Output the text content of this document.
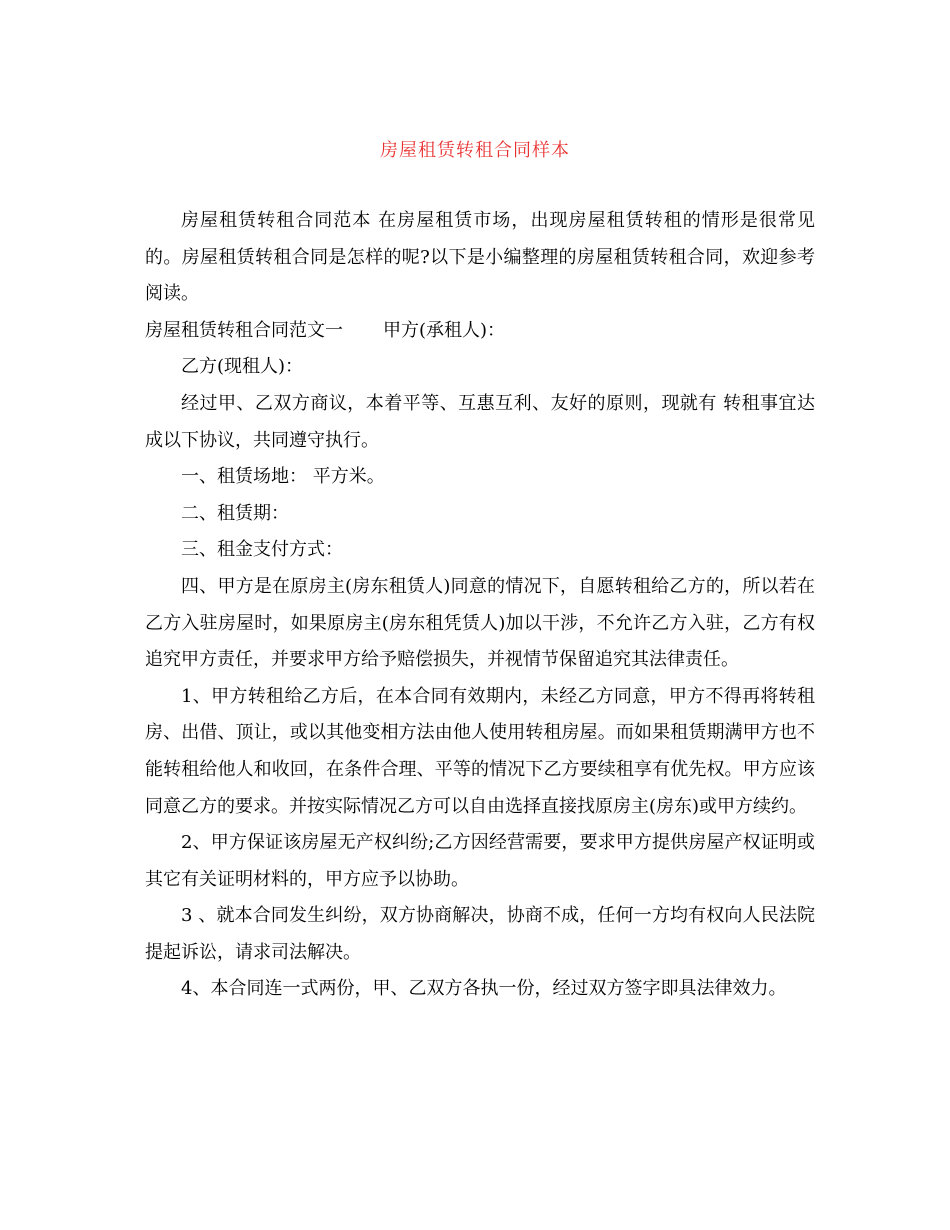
房屋租赁转租合同样本

房屋租赁转租合同范本 在房屋租赁市场，出现房屋租赁转租的情形是很常见的。房屋租赁转租合同是怎样的呢?以下是小编整理的房屋租赁转租合同，欢迎参考阅读。

房屋租赁转租合同范文一 甲方(承租人)：

乙方(现租人)：

经过甲、乙双方商议，本着平等、互惠互利、友好的原则，现就有 转租事宜达成以下协议，共同遵守执行。

一、租赁场地： 平方米。

二、租赁期：

三、租金支付方式：

四、甲方是在原房主(房东租赁人)同意的情况下，自愿转租给乙方的，所以若在乙方入驻房屋时，如果原房主(房东租凭赁人)加以干涉，不允许乙方入驻，乙方有权追究甲方责任，并要求甲方给予赔偿损失，并视情节保留追究其法律责任。

1、甲方转租给乙方后，在本合同有效期内，未经乙方同意，甲方不得再将转租房、出借、顶让，或以其他变相方法由他人使用转租房屋。而如果租赁期满甲方也不能转租给他人和收回，在条件合理、平等的情况下乙方要续租享有优先权。甲方应该同意乙方的要求。并按实际情况乙方可以自由选择直接找原房主(房东)或甲方续约。

2、甲方保证该房屋无产权纠纷;乙方因经营需要，要求甲方提供房屋产权证明或其它有关证明材料的，甲方应予以协助。

3 、就本合同发生纠纷，双方协商解决，协商不成，任何一方均有权向人民法院提起诉讼，请求司法解决。

4、本合同连一式两份，甲、乙双方各执一份，经过双方签字即具法律效力。
